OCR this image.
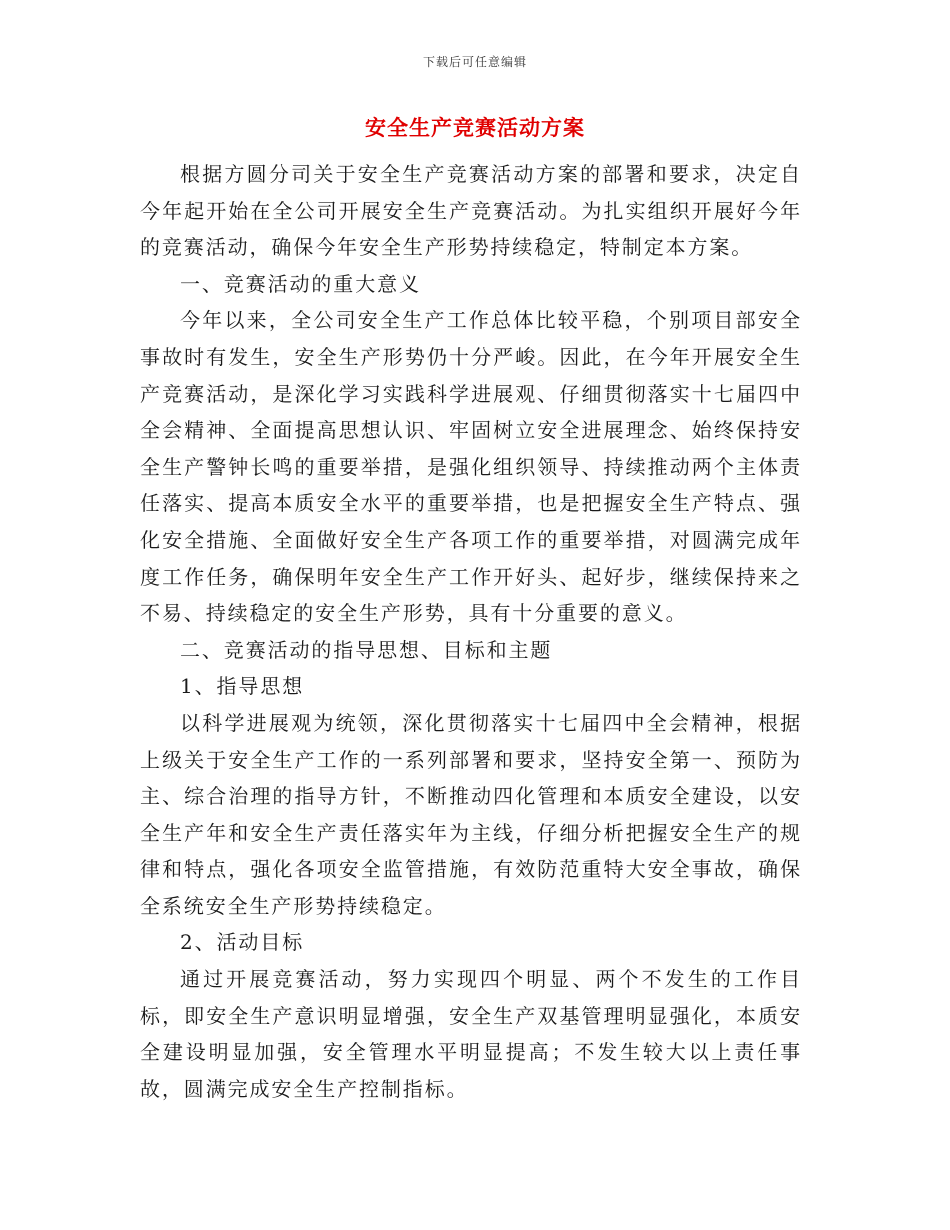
下载后可任意编辑
安全生产竞赛活动方案

根据方圆分司关于安全生产竞赛活动方案的部署和要求，决定自今年起开始在全公司开展安全生产竞赛活动。为扎实组织开展好今年的竞赛活动，确保今年安全生产形势持续稳定，特制定本方案。

一、竞赛活动的重大意义

今年以来，全公司安全生产工作总体比较平稳，个别项目部安全事故时有发生，安全生产形势仍十分严峻。因此，在今年开展安全生产竞赛活动，是深化学习实践科学进展观、仔细贯彻落实十七届四中全会精神、全面提高思想认识、牢固树立安全进展理念、始终保持安全生产警钟长鸣的重要举措，是强化组织领导、持续推动两个主体责任落实、提高本质安全水平的重要举措，也是把握安全生产特点、强化安全措施、全面做好安全生产各项工作的重要举措，对圆满完成年度工作任务，确保明年安全生产工作开好头、起好步，继续保持来之不易、持续稳定的安全生产形势，具有十分重要的意义。

二、竞赛活动的指导思想、目标和主题

1、指导思想

以科学进展观为统领，深化贯彻落实十七届四中全会精神，根据上级关于安全生产工作的一系列部署和要求，坚持安全第一、预防为主、综合治理的指导方针，不断推动四化管理和本质安全建设，以安全生产年和安全生产责任落实年为主线，仔细分析把握安全生产的规律和特点，强化各项安全监管措施，有效防范重特大安全事故，确保全系统安全生产形势持续稳定。

2、活动目标

通过开展竞赛活动，努力实现四个明显、两个不发生的工作目标，即安全生产意识明显增强，安全生产双基管理明显强化，本质安全建设明显加强，安全管理水平明显提高；不发生较大以上责任事故，圆满完成安全生产控制指标。
